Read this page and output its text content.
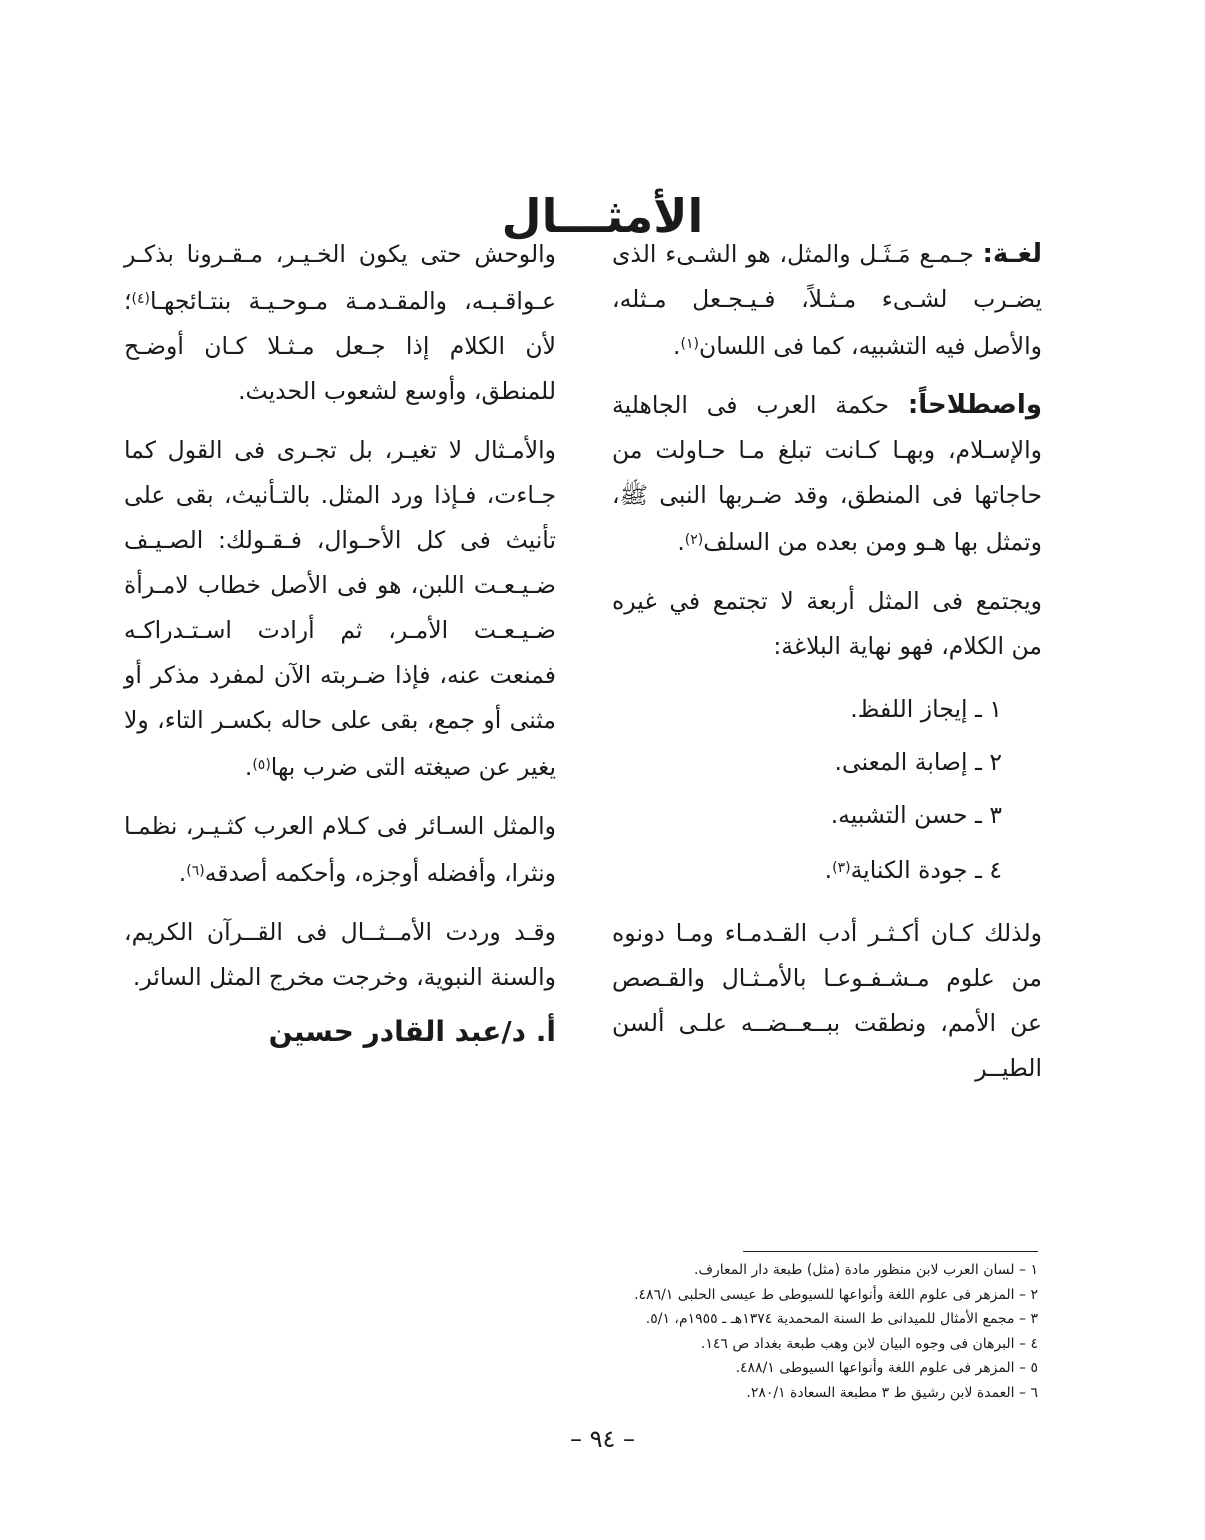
الأمثـــال

لغـة: جـمـع مَـثَـل والمثل، هو الشـىء الذى يضـرب لشـىء مـثـلاً، فـيـجـعل مـثله، والأصل فيه التشبيه، كما فى اللسان$^{(١)}$.

واصطلاحاً: حكمة العرب فى الجاهلية والإسـلام، وبهـا كـانت تبلغ مـا حـاولت من حاجاتها فى المنطق، وقد ضـربها النبى ﷺ، وتمثل بها هـو ومن بعده من السلف$^{(٢)}$.

ويجتمع فى المثل أربعة لا تجتمع في غيره من الكلام، فهو نهاية البلاغة:

١ ـ إيجاز اللفظ.
٢ ـ إصابة المعنى.
٣ ـ حسن التشبيه.
٤ ـ جودة الكناية$^{(٣)}$.

ولذلك كـان أكـثـر أدب القـدمـاء ومـا دونوه من علوم مـشـفـوعـا بالأمـثـال والقـصص عن الأمم، ونطقت ببــعــضــه علـى ألسن الطيــر

والوحش حتى يكون الخـيـر، مـقـرونا بذكـر عـواقـبـه، والمقـدمـة مـوحـيـة بنتـائجهـا$^{(٤)}$؛ لأن الكلام إذا جـعل مـثـلا كـان أوضـح للمنطق، وأوسع لشعوب الحديث.

والأمـثال لا تغيـر، بل تجـرى فى القول كما جـاءت، فـإذا ورد المثل. بالتـأنيث، بقى على تأنيث فى كل الأحـوال، فـقـولك: الصـيـف ضـيـعـت اللبن، هو فى الأصل خطاب لامـرأة ضـيـعـت الأمـر، ثم أرادت اسـتـدراكـه فمنعت عنه، فإذا ضـربته الآن لمفرد مذكر أو مثنى أو جمع، بقى على حاله بكسـر التاء، ولا يغير عن صيغته التى ضرب بها$^{(٥)}$.

والمثل السـائر فى كـلام العرب كثـيـر، نظمـا ونثرا، وأفضله أوجزه، وأحكمه أصدقه$^{(٦)}$.

وقـد وردت الأمــثــال فى القــرآن الكريم، والسنة النبوية، وخرجت مخرج المثل السائر.

أ. د/عبد القادر حسين
١ – لسان العرب لابن منظور مادة (مثل) طبعة دار المعارف.
٢ – المزهر فى علوم اللغة وأنواعها للسيوطى ط عيسى الحلبى ٤٨٦/١.
٣ – مجمع الأمثال للميدانى ط السنة المحمدية ١٣٧٤هـ ـ ١٩٥٥م، ٥/١.
٤ – البرهان فى وجوه البيان لابن وهب طبعة بغداد ص ١٤٦.
٥ – المزهر فى علوم اللغة وأنواعها السيوطى ٤٨٨/١.
٦ – العمدة لابن رشيق ط ٣ مطبعة السعادة ٢٨٠/١.
– ٩٤ –
